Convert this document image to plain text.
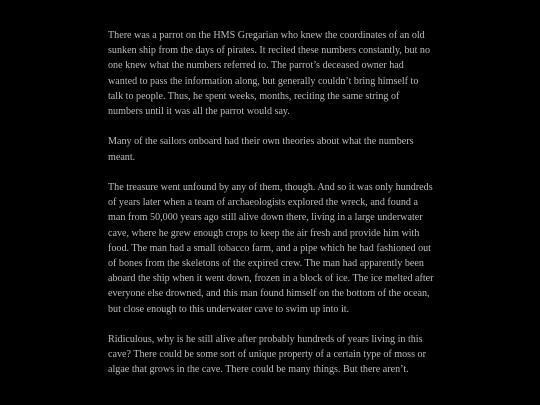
There was a parrot on the HMS Gregarian who knew the coordinates of an old sunken ship from the days of pirates. It recited these numbers constantly, but no one knew what the numbers referred to. The parrot’s deceased owner had wanted to pass the information along, but generally couldn’t bring himself to talk to people. Thus, he spent weeks, months, reciting the same string of numbers until it was all the parrot would say.

Many of the sailors onboard had their own theories about what the numbers meant.

The treasure went unfound by any of them, though. And so it was only hundreds of years later when a team of archaeologists explored the wreck, and found a man from 50,000 years ago still alive down there, living in a large underwater cave, where he grew enough crops to keep the air fresh and provide him with food. The man had a small tobacco farm, and a pipe which he had fashioned out of bones from the skeletons of the expired crew. The man had apparently been aboard the ship when it went down, frozen in a block of ice. The ice melted after everyone else drowned, and this man found himself on the bottom of the ocean, but close enough to this underwater cave to swim up into it.

Ridiculous, why is he still alive after probably hundreds of years living in this cave? There could be some sort of unique property of a certain type of moss or algae that grows in the cave. There could be many things. But there aren’t.
